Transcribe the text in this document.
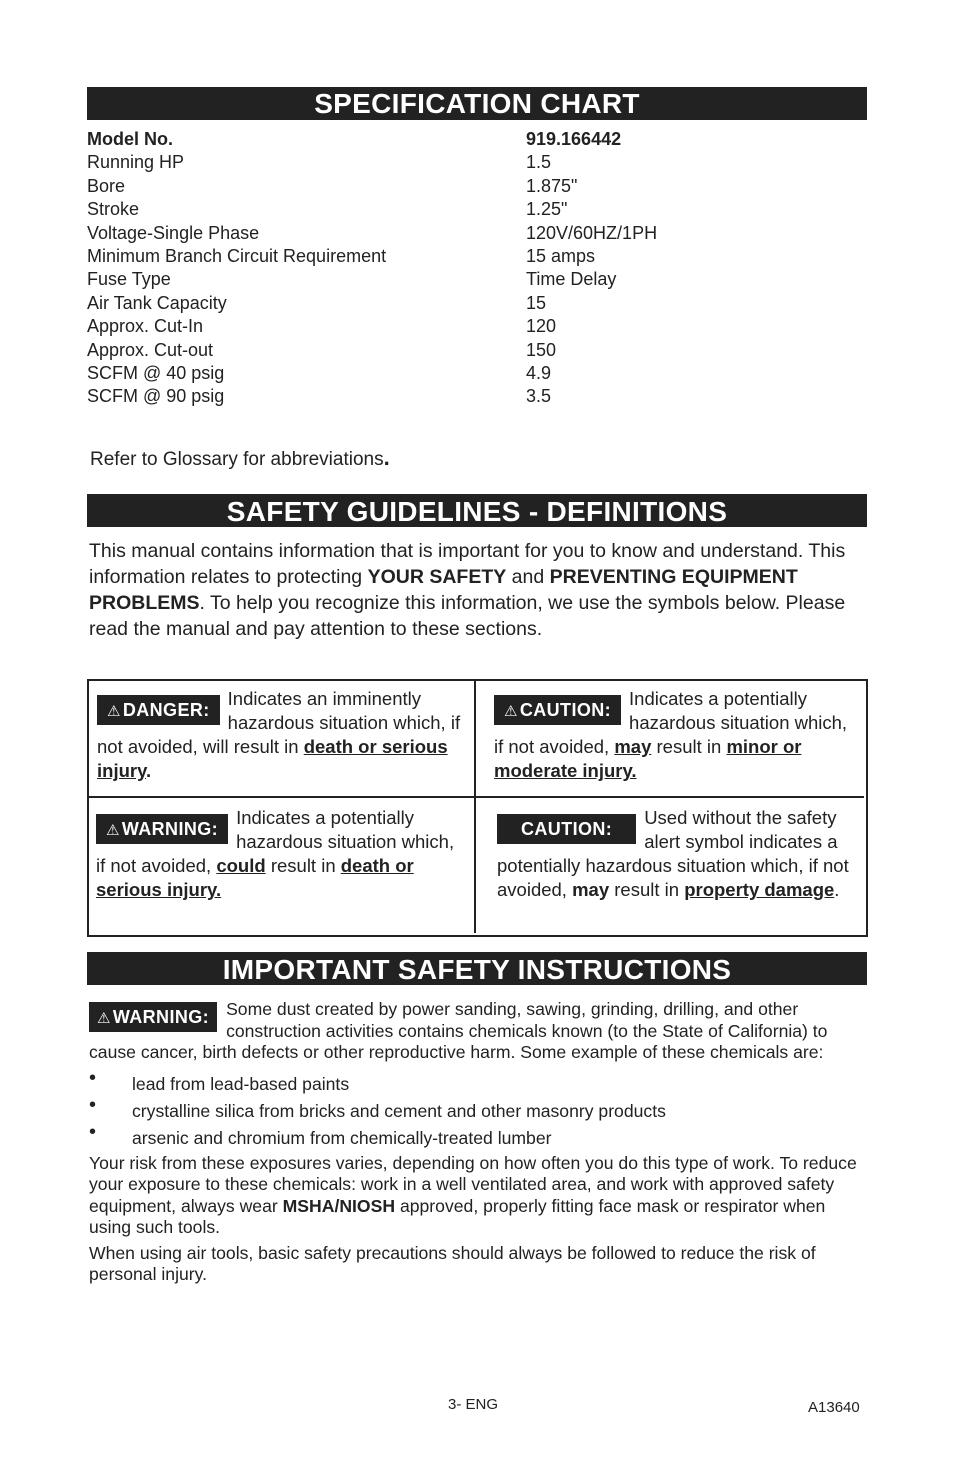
SPECIFICATION CHART
Model No.	919.166442
Running HP	1.5
Bore	1.875"
Stroke	1.25"
Voltage-Single Phase	120V/60HZ/1PH
Minimum Branch Circuit Requirement	15 amps
Fuse Type	Time Delay
Air Tank Capacity	15
Approx. Cut-In	120
Approx. Cut-out	150
SCFM @ 40 psig	4.9
SCFM @ 90 psig	3.5
Refer to Glossary for abbreviations.
SAFETY GUIDELINES - DEFINITIONS
This manual contains information that is important for you to know and understand. This information relates to protecting YOUR SAFETY and PREVENTING EQUIPMENT PROBLEMS. To help you recognize this information, we use the symbols below. Please read the manual and pay attention to these sections.
⚠ DANGER:
Indicates an imminently hazardous situation which, if not avoided, will result in death or serious injury.
⚠ CAUTION:
Indicates a potentially hazardous situation which, if not avoided, may result in minor or moderate injury.
⚠ WARNING:
Indicates a potentially hazardous situation which, if not avoided, could result in death or serious injury.
CAUTION:
Used without the safety alert symbol indicates a potentially hazardous situation which, if not avoided, may result in property damage.
IMPORTANT SAFETY INSTRUCTIONS
⚠ WARNING: Some dust created by power sanding, sawing, grinding, drilling, and other construction activities contains chemicals known (to the State of California) to cause cancer, birth defects or other reproductive harm. Some example of these chemicals are:
• lead from lead-based paints
• crystalline silica from bricks and cement and other masonry products
• arsenic and chromium from chemically-treated lumber

Your risk from these exposures varies, depending on how often you do this type of work. To reduce your exposure to these chemicals: work in a well ventilated area, and work with approved safety equipment, always wear MSHA/NIOSH approved, properly fitting face mask or respirator when using such tools.

When using air tools, basic safety precautions should always be followed to reduce the risk of personal injury.

3- ENG	A13640
